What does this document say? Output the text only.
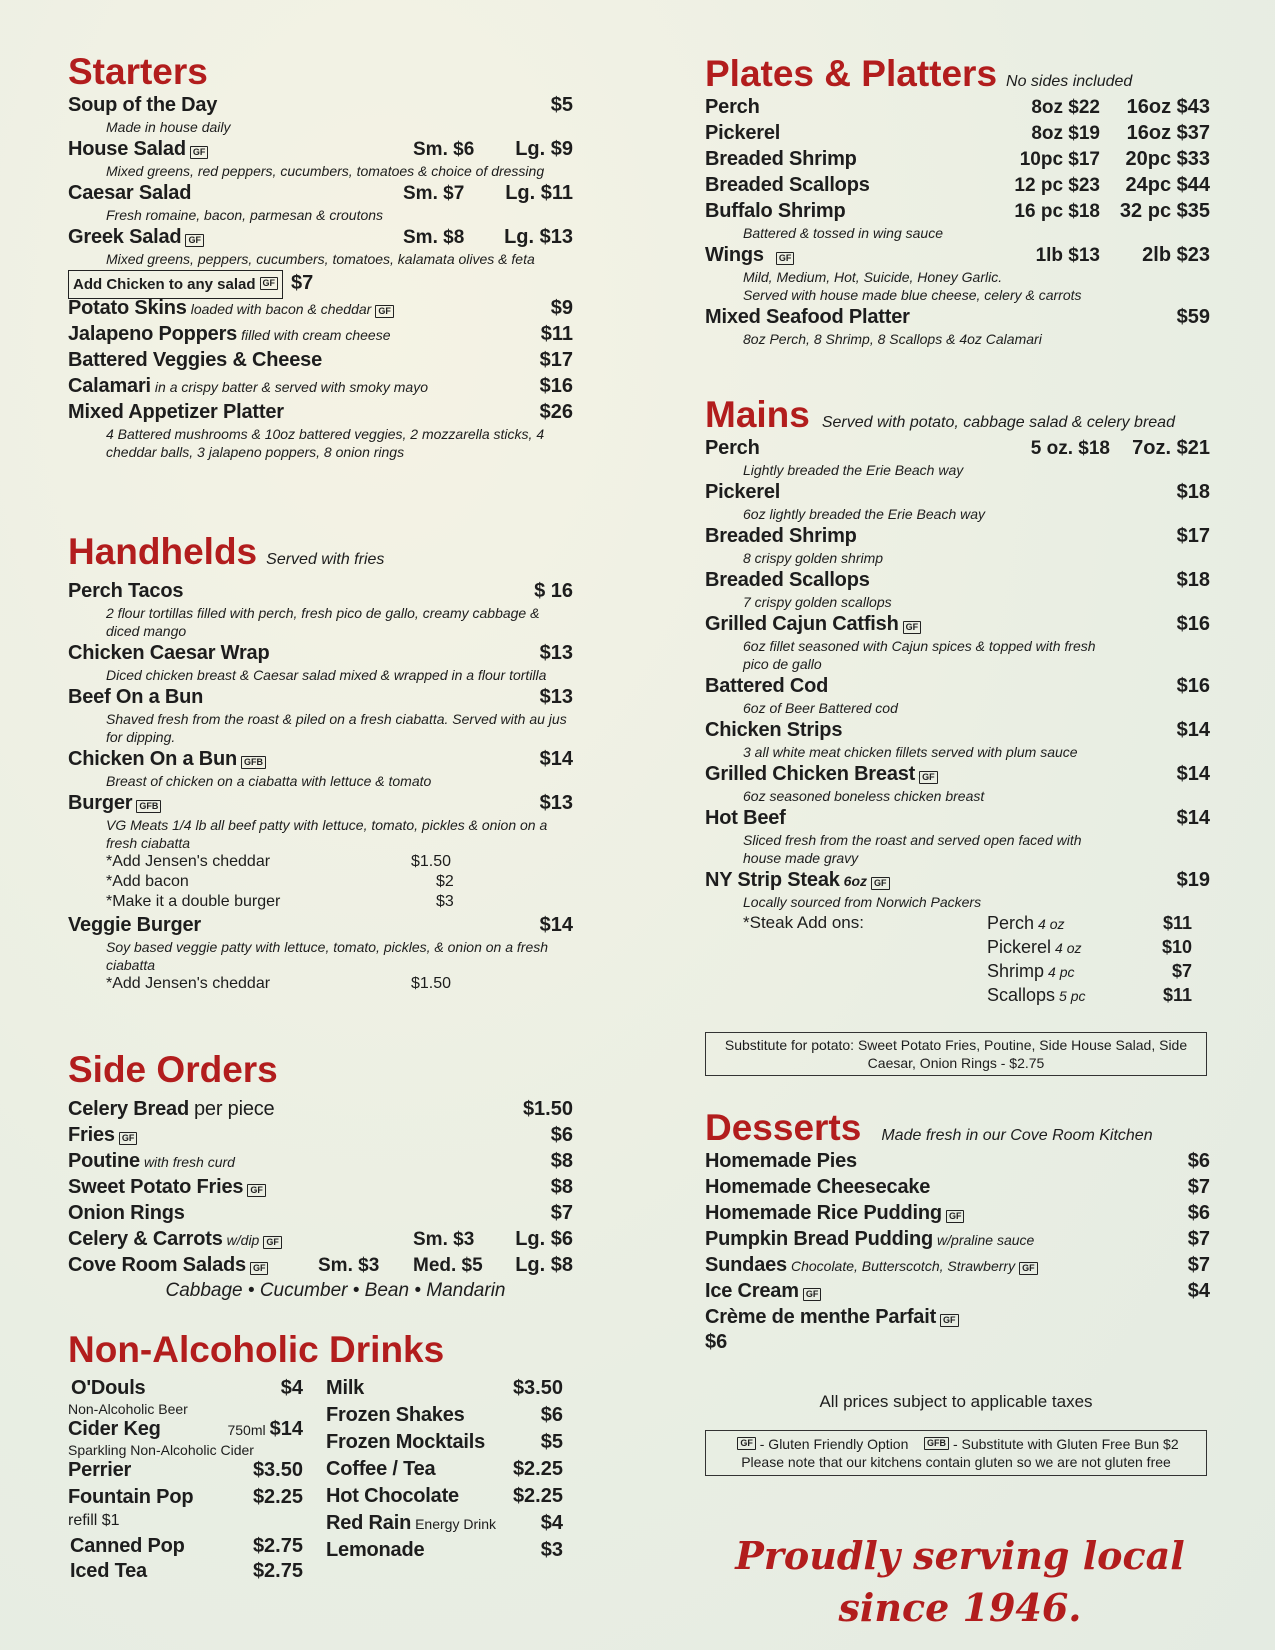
Starters
Soup of the Day	$5
Made in house daily
House Salad GF	Sm. $6	Lg. $9
Mixed greens, red peppers, cucumbers, tomatoes & choice of dressing
Caesar Salad	Sm. $7	Lg. $11
Fresh romaine, bacon, parmesan & croutons
Greek Salad GF	Sm. $8	Lg. $13
Mixed greens, peppers, cucumbers, tomatoes, kalamata olives & feta
Add Chicken to any salad GF $7
Potato Skins loaded with bacon & cheddar GF	$9
Jalapeno Poppers filled with cream cheese	$11
Battered Veggies & Cheese	$17
Calamari in a crispy batter & served with smoky mayo	$16
Mixed Appetizer Platter	$26
4 Battered mushrooms & 10oz battered veggies, 2 mozzarella sticks, 4 cheddar balls, 3 jalapeno poppers, 8 onion rings
Handhelds Served with fries
Perch Tacos	$ 16
2 flour tortillas filled with perch, fresh pico de gallo, creamy cabbage & diced mango
Chicken Caesar Wrap	$13
Diced chicken breast & Caesar salad mixed & wrapped in a flour tortilla
Beef On a Bun	$13
Shaved fresh from the roast & piled on a fresh ciabatta. Served with au jus for dipping.
Chicken On a Bun GFB	$14
Breast of chicken on a ciabatta with lettuce & tomato
Burger GFB	$13
VG Meats 1/4 lb all beef patty with lettuce, tomato, pickles & onion on a fresh ciabatta
*Add Jensen's cheddar	$1.50
*Add bacon	$2
*Make it a double burger	$3
Veggie Burger	$14
Soy based veggie patty with lettuce, tomato, pickles, & onion on a fresh ciabatta
*Add Jensen's cheddar	$1.50
Side Orders
Celery Bread per piece	$1.50
Fries GF	$6
Poutine with fresh curd	$8
Sweet Potato Fries GF	$8
Onion Rings	$7
Celery & Carrots w/dip GF	Sm. $3	Lg. $6
Cove Room Salads GF	Sm. $3	Med. $5	Lg. $8
Cabbage • Cucumber • Bean • Mandarin
Non-Alcoholic Drinks
O'Douls	$4
Non-Alcoholic Beer
Cider Keg	750ml $14
Sparkling Non-Alcoholic Cider
Perrier	$3.50
Fountain Pop	$2.25
refill $1
Canned Pop	$2.75
Iced Tea	$2.75
Milk	$3.50
Frozen Shakes	$6
Frozen Mocktails	$5
Coffee / Tea	$2.25
Hot Chocolate	$2.25
Red Rain Energy Drink $4
Lemonade	$3
Plates & Platters No sides included
Perch	8oz $22	16oz $43
Pickerel	8oz $19	16oz $37
Breaded Shrimp	10pc $17	20pc $33
Breaded Scallops	12 pc $23	24pc $44
Buffalo Shrimp	16 pc $18 32 pc $35
Battered & tossed in wing sauce
Wings	GF	1lb $13	2lb $23
Mild, Medium, Hot, Suicide, Honey Garlic.
Served with house made blue cheese, celery & carrots
Mixed Seafood Platter	$59
8oz Perch, 8 Shrimp, 8 Scallops & 4oz Calamari
Mains Served with potato, cabbage salad & celery bread
Perch	5 oz. $18	7oz. $21
Lightly breaded the Erie Beach way
Pickerel	$18
6oz lightly breaded the Erie Beach way
Breaded Shrimp	$17
8 crispy golden shrimp
Breaded Scallops	$18
7 crispy golden scallops
Grilled Cajun Catfish GF	$16
6oz fillet seasoned with Cajun spices & topped with fresh pico de gallo
Battered Cod	$16
6oz of Beer Battered cod
Chicken Strips	$14
3 all white meat chicken fillets served with plum sauce
Grilled Chicken Breast GF	$14
6oz seasoned boneless chicken breast
Hot Beef	$14
Sliced fresh from the roast and served open faced with house made gravy
NY Strip Steak 6oz GF	$19
Locally sourced from Norwich Packers
*Steak Add ons:	Perch 4 oz	$11
Pickerel 4 oz	$10
Shrimp 4 pc	$7
Scallops 5 pc	$11
Substitute for potato: Sweet Potato Fries, Poutine, Side House Salad, Side Caesar, Onion Rings - $2.75
Desserts Made fresh in our Cove Room Kitchen
Homemade Pies	$6
Homemade Cheesecake	$7
Homemade Rice Pudding GF	$6
Pumpkin Bread Pudding w/praline sauce	$7
Sundaes Chocolate, Butterscotch, Strawberry GF	$7
Ice Cream GF	$4
Crème de menthe Parfait GF
$6
All prices subject to applicable taxes
GF - Gluten Friendly Option GFB - Substitute with Gluten Free Bun $2
Please note that our kitchens contain gluten so we are not gluten free
Proudly serving local
since 1946.
